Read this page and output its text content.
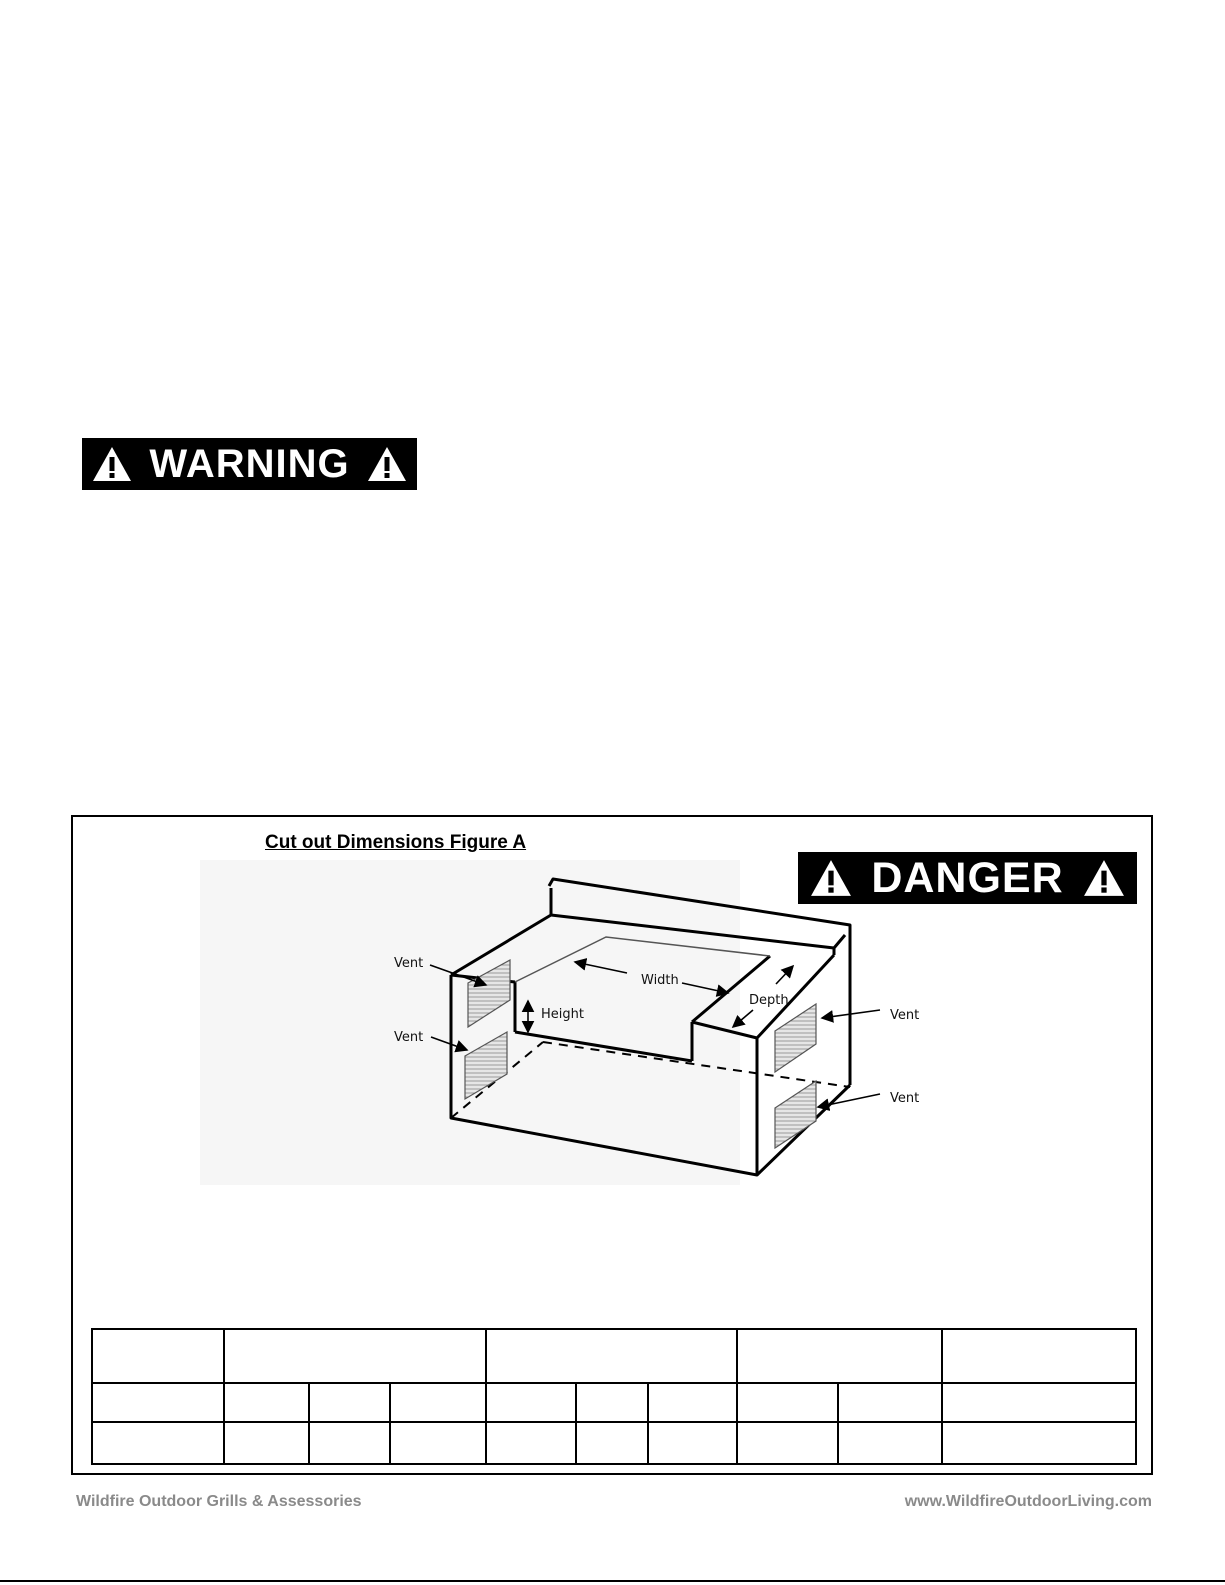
WARNING
Cut out Dimensions Figure A
DANGER
Vent
Vent
Vent
Vent
Width
Height
Depth

Wildfire Outdoor Grills & Assessories	www.WildfireOutdoorLiving.com
